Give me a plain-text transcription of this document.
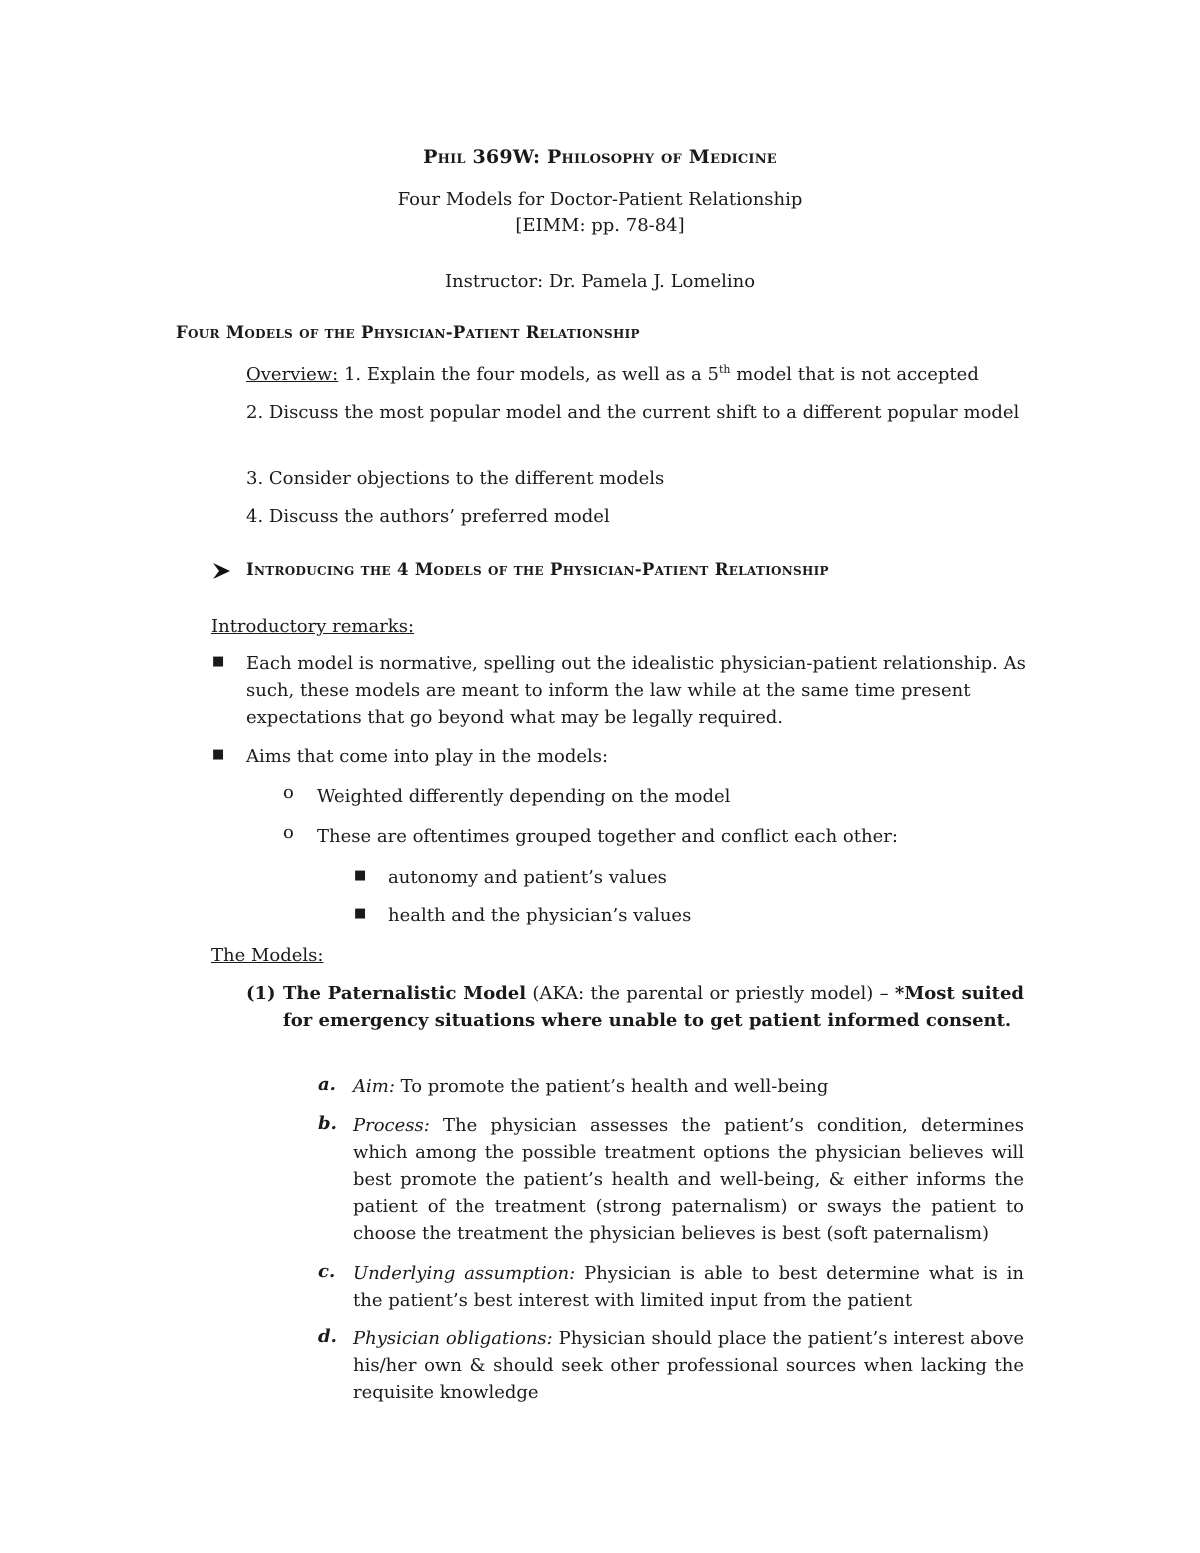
Phil 369W: Philosophy of Medicine
Four Models for Doctor-Patient Relationship
[EIMM: pp. 78-84]
Instructor: Dr. Pamela J. Lomelino
Four Models of the Physician-Patient Relationship
Overview: 1. Explain the four models, as well as a 5th model that is not accepted
2. Discuss the most popular model and the current shift to a different popular model
3. Consider objections to the different models
4. Discuss the authors’ preferred model
Introducing the 4 Models of the Physician-Patient Relationship
Introductory remarks:
■ Each model is normative, spelling out the idealistic physician-patient relationship. As such, these models are meant to inform the law while at the same time present expectations that go beyond what may be legally required.
■ Aims that come into play in the models:
o Weighted differently depending on the model
o These are oftentimes grouped together and conflict each other:
■ autonomy and patient’s values
■ health and the physician’s values
The Models:
(1) The Paternalistic Model (AKA: the parental or priestly model) – *Most suited for emergency situations where unable to get patient informed consent.
a. Aim: To promote the patient’s health and well-being
b. Process: The physician assesses the patient’s condition, determines which among the possible treatment options the physician believes will best promote the patient’s health and well-being, & either informs the patient of the treatment (strong paternalism) or sways the patient to choose the treatment the physician believes is best (soft paternalism)
c. Underlying assumption: Physician is able to best determine what is in the patient’s best interest with limited input from the patient
d. Physician obligations: Physician should place the patient’s interest above his/her own & should seek other professional sources when lacking the requisite knowledge
